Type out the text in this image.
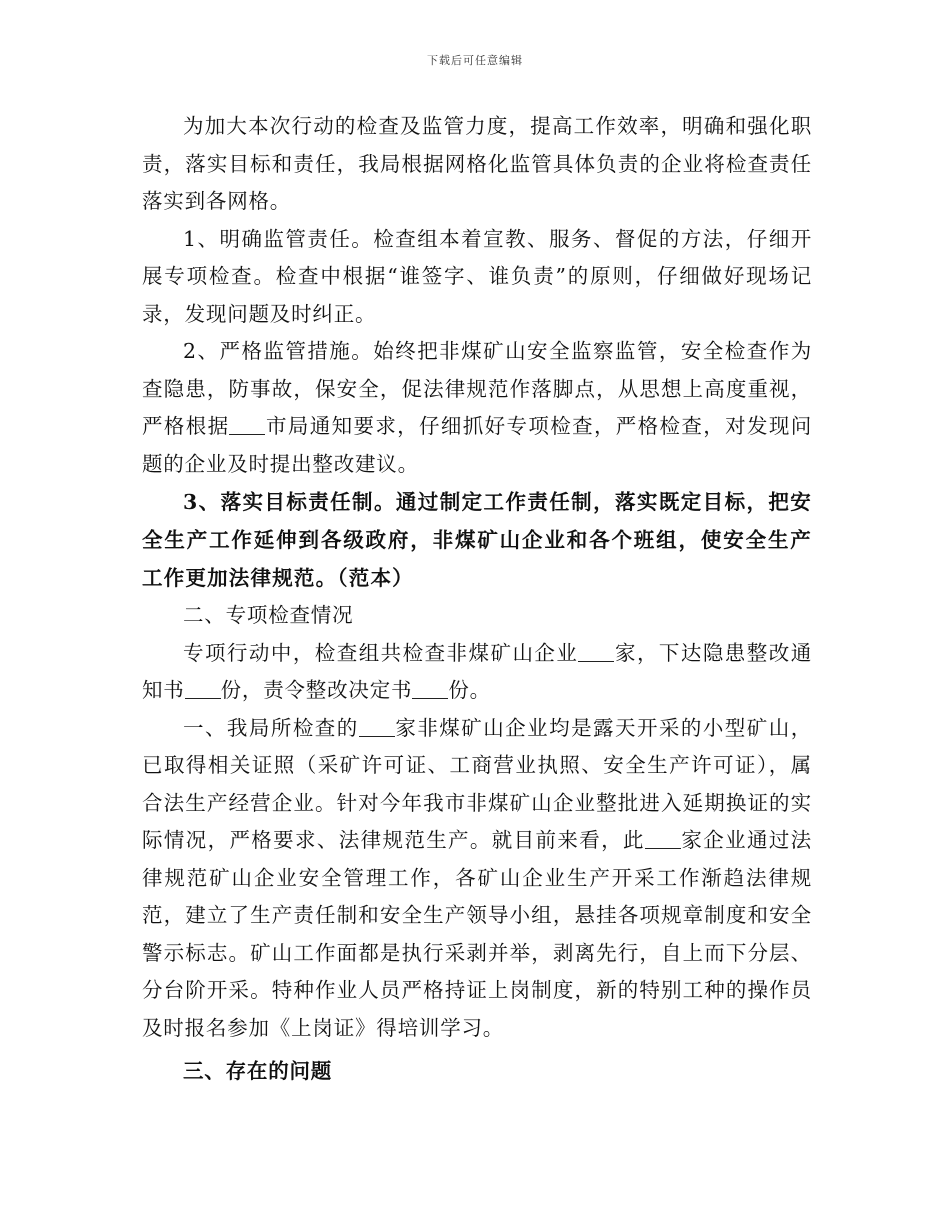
下载后可任意编辑

为加大本次行动的检查及监管力度，提高工作效率，明确和强化职责，落实目标和责任，我局根据网格化监管具体负责的企业将检查责任落实到各网格。

1、明确监管责任。检查组本着宣教、服务、督促的方法，仔细开展专项检查。检查中根据“谁签字、谁负责”的原则，仔细做好现场记录，发现问题及时纠正。

2、严格监管措施。始终把非煤矿山安全监察监管，安全检查作为查隐患，防事故，保安全，促法律规范作落脚点，从思想上高度重视，严格根据 市局通知要求，仔细抓好专项检查，严格检查，对发现问题的企业及时提出整改建议。

3、落实目标责任制。通过制定工作责任制，落实既定目标，把安全生产工作延伸到各级政府，非煤矿山企业和各个班组，使安全生产工作更加法律规范。（范本）

二、专项检查情况

专项行动中，检查组共检查非煤矿山企业 家，下达隐患整改通知书 份，责令整改决定书 份。

一、我局所检查的 家非煤矿山企业均是露天开采的小型矿山，已取得相关证照（采矿许可证、工商营业执照、安全生产许可证），属合法生产经营企业。针对今年我市非煤矿山企业整批进入延期换证的实际情况，严格要求、法律规范生产。就目前来看，此 家企业通过法律规范矿山企业安全管理工作，各矿山企业生产开采工作渐趋法律规范，建立了生产责任制和安全生产领导小组，悬挂各项规章制度和安全警示标志。矿山工作面都是执行采剥并举，剥离先行，自上而下分层、分台阶开采。特种作业人员严格持证上岗制度，新的特别工种的操作员及时报名参加《上岗证》得培训学习。

三、存在的问题
